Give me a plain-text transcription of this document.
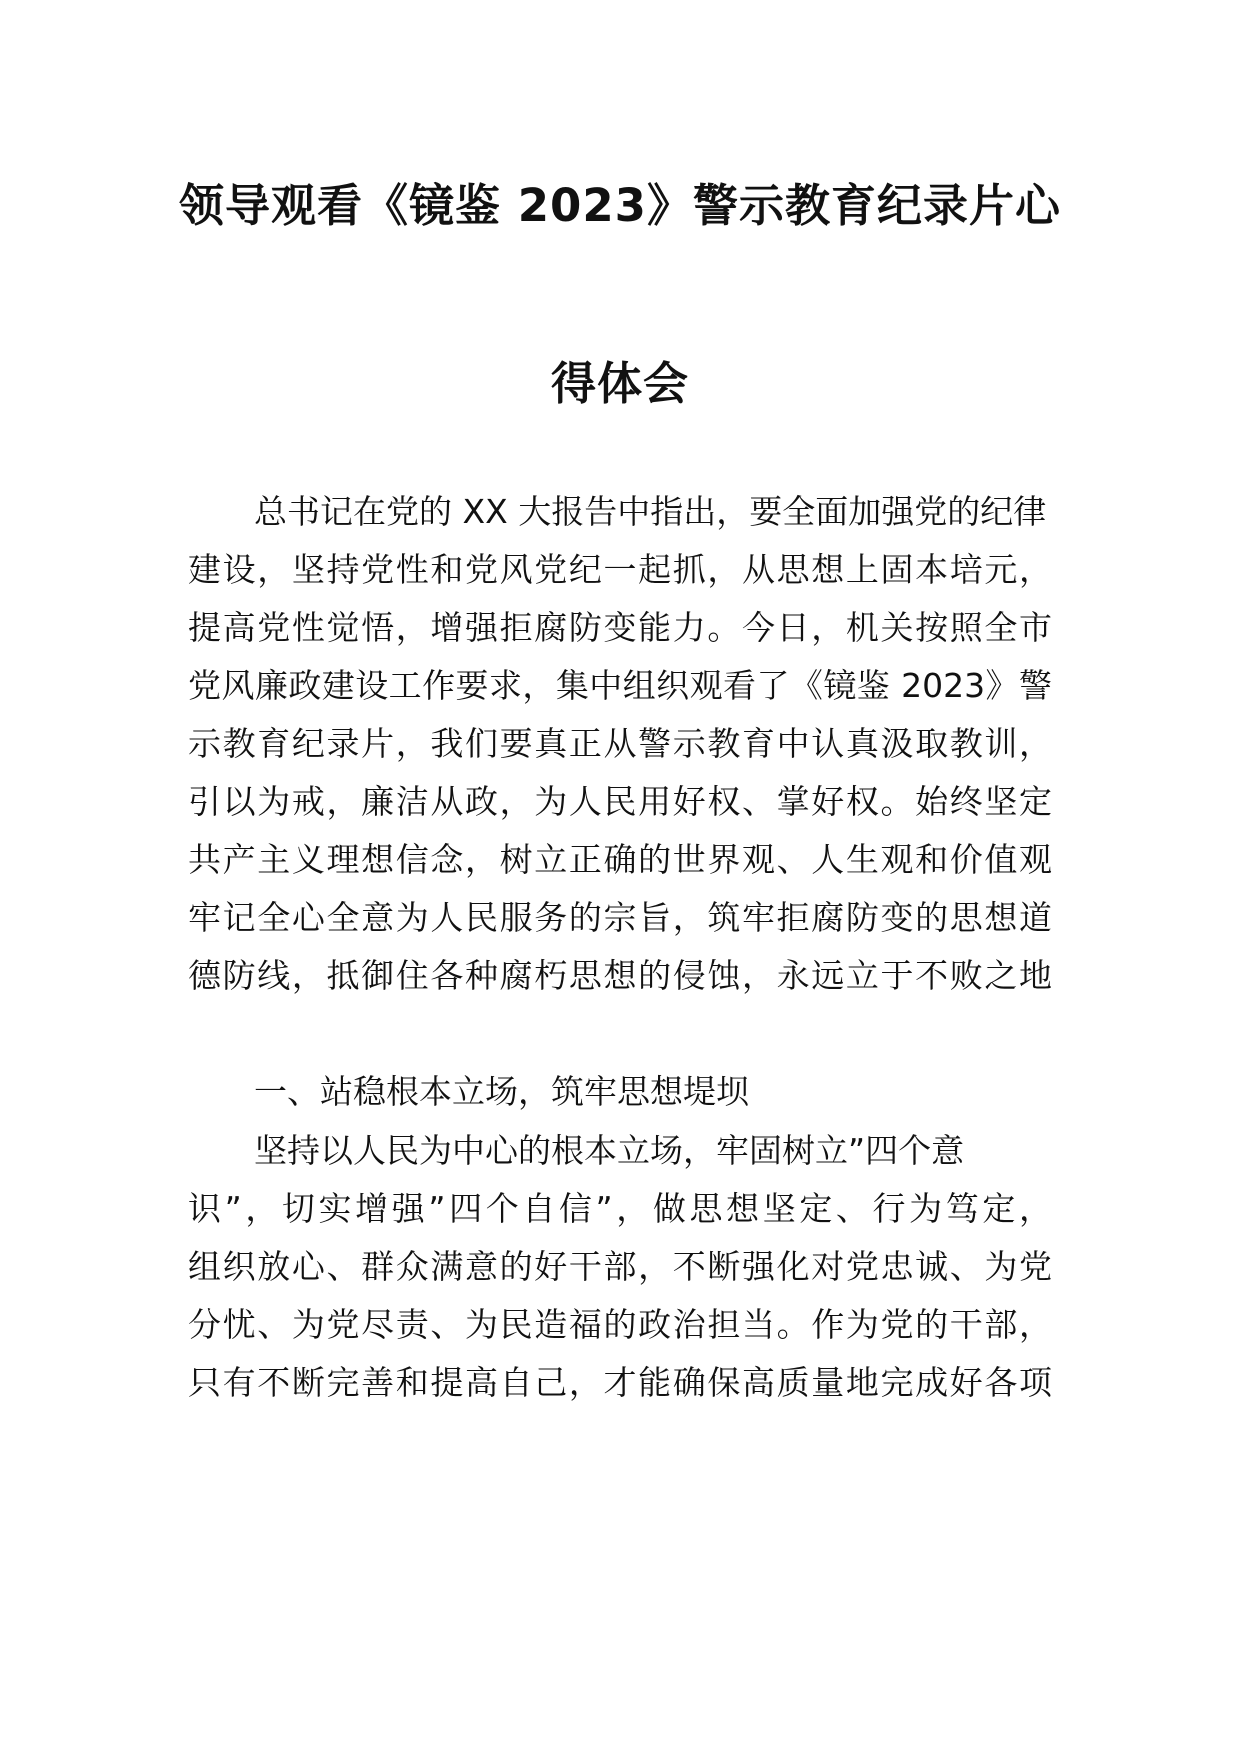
领导观看《镜鉴 2023》警示教育纪录片心
得体会
总书记在党的 XX 大报告中指出，要全面加强党的纪律
建设，坚持党性和党风党纪一起抓，从思想上固本培元，
提高党性觉悟，增强拒腐防变能力。今日，机关按照全市
党风廉政建设工作要求，集中组织观看了《镜鉴 2023》警
示教育纪录片，我们要真正从警示教育中认真汲取教训，
引以为戒，廉洁从政，为人民用好权、掌好权。始终坚定
共产主义理想信念，树立正确的世界观、人生观和价值观
牢记全心全意为人民服务的宗旨，筑牢拒腐防变的思想道
德防线，抵御住各种腐朽思想的侵蚀，永远立于不败之地
一、站稳根本立场，筑牢思想堤坝
坚持以人民为中心的根本立场，牢固树立”四个意
识”，切实增强”四个自信”，做思想坚定、行为笃定，
组织放心、群众满意的好干部，不断强化对党忠诚、为党
分忧、为党尽责、为民造福的政治担当。作为党的干部，
只有不断完善和提高自己，才能确保高质量地完成好各项
